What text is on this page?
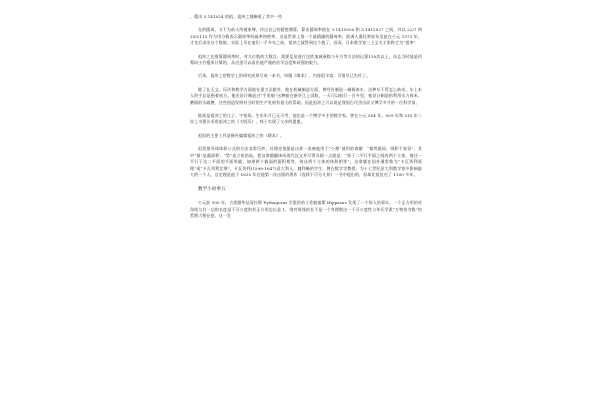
，精出 3.141024 的值。祖冲之地略收了其中一些

在的圆周，又不为前人所被束缚，经过自己的精密测算，算出圆周率值在 3.1415926 和 3.1415927 之间，并以 22/7 和 355/113 作为用分数表示圆周率的疏率和密率，这是世界上第一个最精确的圆周率，欧洲人奥托和安东尼兹在公元 1573 年，才先后求出这个数值，实际上早在他们一千多年之前，祖冲之就得到这个值了，因而，日本数学家三上义夫主张称它为“祖率”

祖冲之在推算圆周率时，对九位数的大数目，需要反复进行包括加减乘除与开方等方法的运算130次以上，而且当时他是用筹码小竹棍来计算的，从这里可以看出他严谨的治学态度和顽强的毅力。

后来，祖冲之把数学上的研究成果写成一本书，叫做《缀术》，内容很丰富，可惜早已失传了。

除了在天文、历法和数学方面他在重大贡献外，他在机械制造方面，曾经告制造一辆指南车，这种车不管怎么转动，车上木人的手总是指着南方。他还设计制造过“千里船”这种船在新亭江上试航，一天可以航行一百多里，他设计制造的利用水力春米、磨面的水碓磨，这些创造发明对当时的生产发展有很大的帮助。因此祖冲之可以说是我国古代杰出而又博学多才的一位科学家。

能烦是祖冲之的儿子，字景烁，生年年月已无可考，他也是一个博学多才的数学家，曾在公元 504 年、509 年和 510 年三次上书建议采用祖冲之的《大明历》，终于实现了父亲的遗愿。

祖恒的主要工作是修补编辑祖冲之的《缀术》。

祖恒推导球体积公式的方法非常巧妙。其理论依据是这样一条被他用于“公理”使用的命题：“幂势既同，则积不容异”，其中“幂”是截面积，“势”是立体的高。把这命题翻译成现代汉文并写得详细一点就是：“界于二平行平面之间的两个立体，被任一平行于这二平面的平面所截，如果两个截面的面积相等，则这两个立体的体积相等”，这命题在国外通常称为“卡瓦列利原理”或“卡瓦列利定理”，卡瓦列利(1598-1647)意大利人，伽利略的学生，曾在数学学教授，为十七世纪意大利数学家中影响最大的一个人。这定理是他于 1635 年在他第一次出版的著作《连续不可分几何》一书中提出的，但却比祖恒迟了 1100 多年。

数学小故事五

公元前 500 年，古希腊毕达哥拉斯 Pythagoras 学派的弟子希帕索斯 Hippasus 发现了一个惊人的事实，一个正方形的对角线与其一边的长度是不可公度的若正方形边长是 1，则对角线的长不是一个有理数这一不可公度性与毕氏学派“万物皆为数”的哲理大相径庭，这一发
